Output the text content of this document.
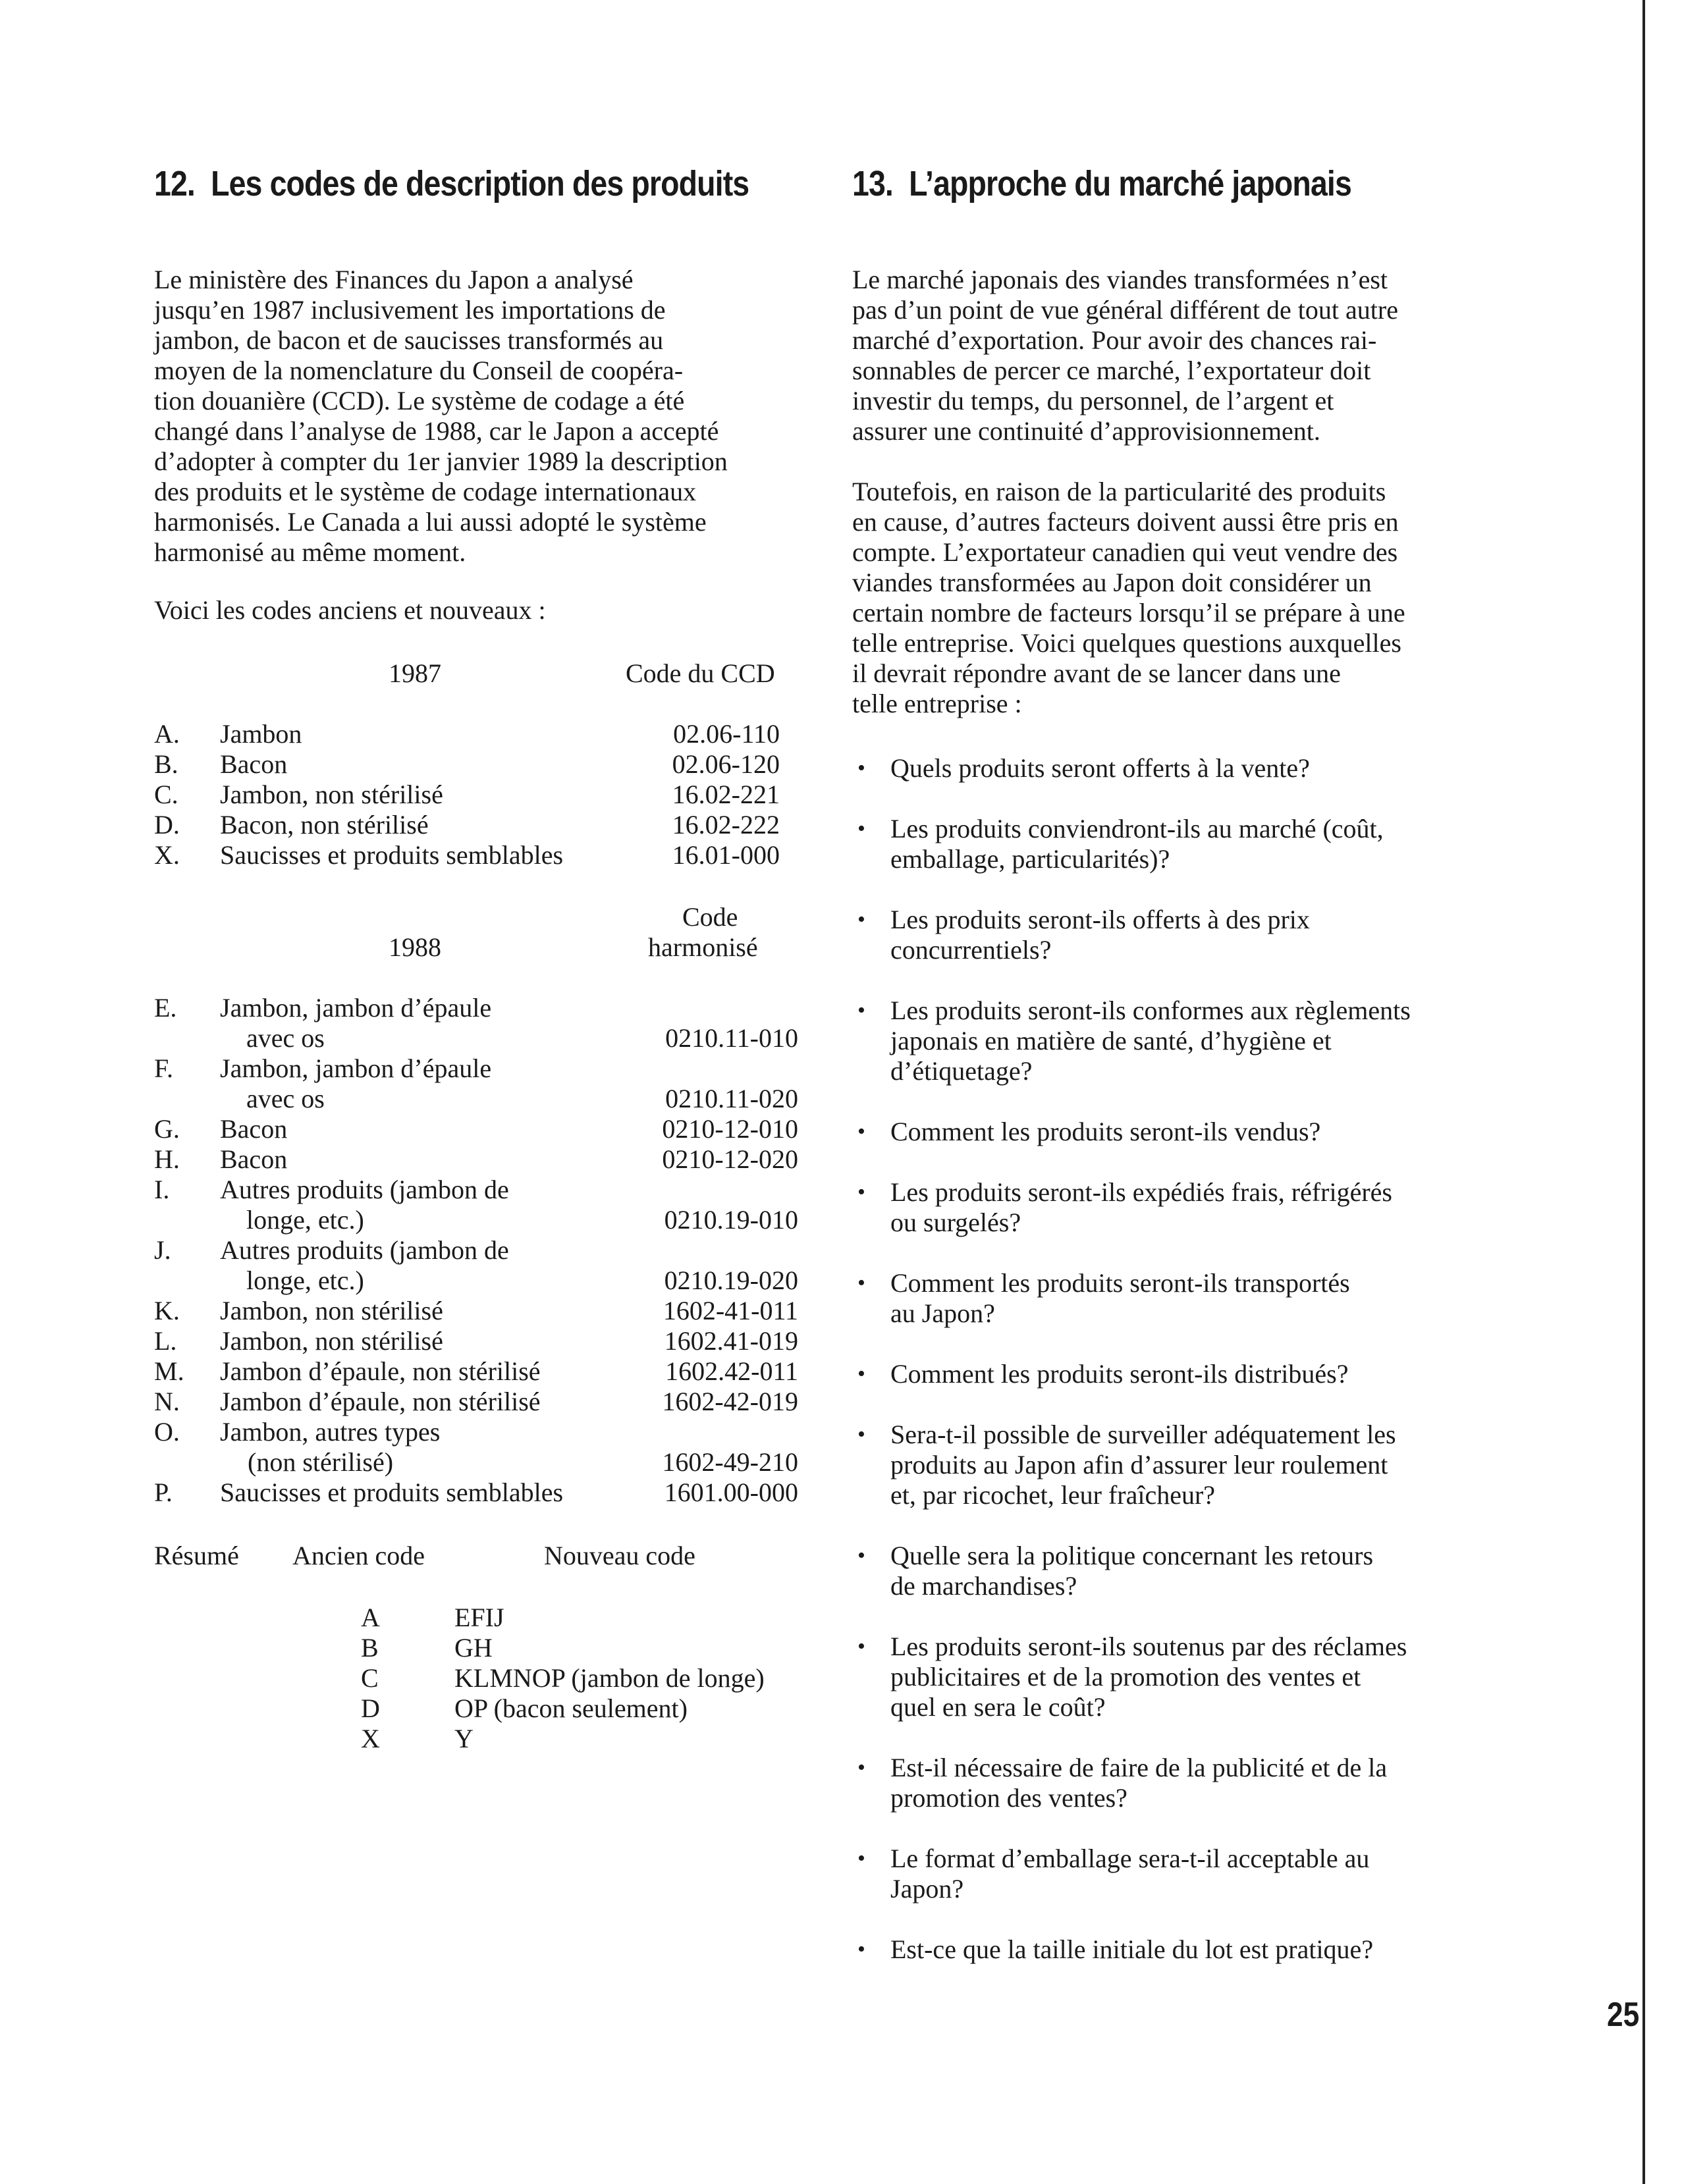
12. Les codes de description des produits

Le ministère des Finances du Japon a analysé

jusqu’en 1987 inclusivement les importations de

jambon, de bacon et de saucisses transformés au

moyen de la nomenclature du Conseil de coopéra-

tion douanière (CCD). Le système de codage a été

changé dans l’analyse de 1988, car le Japon a accepté

d’adopter à compter du 1er janvier 1989 la description

des produits et le système de codage internationaux

harmonisés. Le Canada a lui aussi adopté le système

harmonisé au même moment.

Voici les codes anciens et nouveaux :
1987	Code du CCD
A. Jambon	02.06-110
B. Bacon	02.06-120
C. Jambon, non stérilisé	16.02-221
D. Bacon, non stérilisé	16.02-222
X. Saucisses et produits semblables	16.01-000
Code
1988	harmonisé
E. Jambon, jambon d’épaule
avec os	0210.11-010
F. Jambon, jambon d’épaule
avec os	0210.11-020
G. Bacon	0210-12-010
H. Bacon	0210-12-020
I. Autres produits (jambon de
longe, etc.)	0210.19-010
J. Autres produits (jambon de
longe, etc.)	0210.19-020
K. Jambon, non stérilisé	1602-41-011
L. Jambon, non stérilisé	1602.41-019
M. Jambon d’épaule, non stérilisé	1602.42-011
N. Jambon d’épaule, non stérilisé	1602-42-019
O. Jambon, autres types
(non stérilisé)	1602-49-210
P. Saucisses et produits semblables	1601.00-000
Résumé Ancien code	Nouveau code
A	EFIJ
B	GH
C	KLMNOP (jambon de longe)
D	OP (bacon seulement)
X	Y
13. L’approche du marché japonais

Le marché japonais des viandes transformées n’est

pas d’un point de vue général différent de tout autre

marché d’exportation. Pour avoir des chances rai-

sonnables de percer ce marché, l’exportateur doit

investir du temps, du personnel, de l’argent et

assurer une continuité d’approvisionnement.

Toutefois, en raison de la particularité des produits

en cause, d’autres facteurs doivent aussi être pris en

compte. L’exportateur canadien qui veut vendre des

viandes transformées au Japon doit considérer un

certain nombre de facteurs lorsqu’il se prépare à une

telle entreprise. Voici quelques questions auxquelles

il devrait répondre avant de se lancer dans une

telle entreprise :

• Quels produits seront offerts à la vente?
• Les produits conviendront-ils au marché (coût,
emballage, particularités)?
• Les produits seront-ils offerts à des prix
concurrentiels?
• Les produits seront-ils conformes aux règlements
japonais en matière de santé, d’hygiène et
d’étiquetage?
• Comment les produits seront-ils vendus?
• Les produits seront-ils expédiés frais, réfrigérés
ou surgelés?
• Comment les produits seront-ils transportés
au Japon?
• Comment les produits seront-ils distribués?
• Sera-t-il possible de surveiller adéquatement les
produits au Japon afin d’assurer leur roulement
et, par ricochet, leur fraîcheur?
• Quelle sera la politique concernant les retours
de marchandises?
• Les produits seront-ils soutenus par des réclames
publicitaires et de la promotion des ventes et
quel en sera le coût?
• Est-il nécessaire de faire de la publicité et de la
promotion des ventes?
• Le format d’emballage sera-t-il acceptable au
Japon?
• Est-ce que la taille initiale du lot est pratique?
25
